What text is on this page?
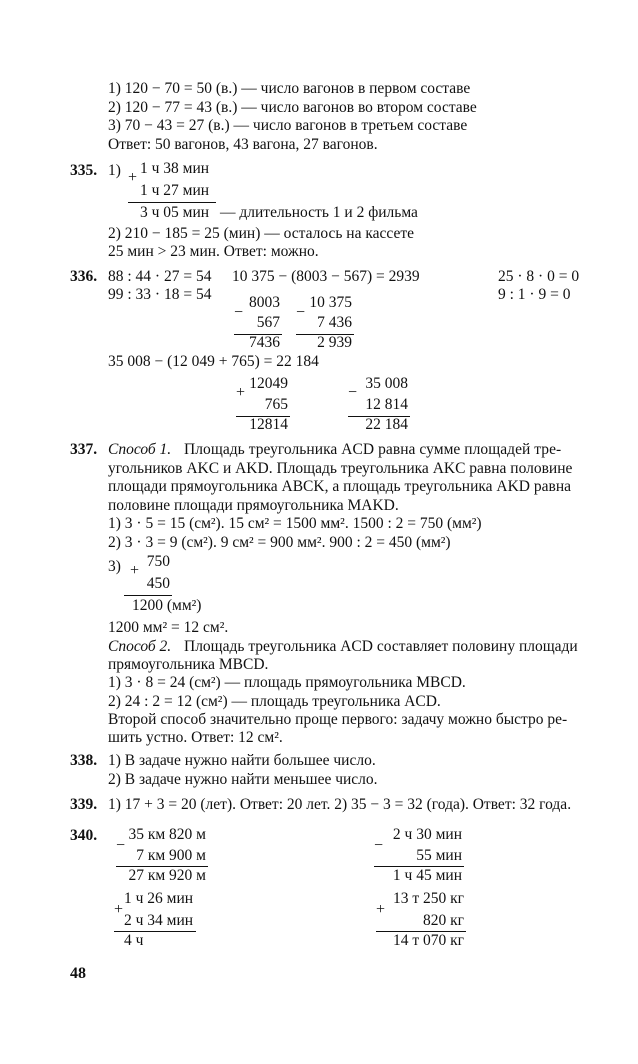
1) 120 − 70 = 50 (в.) — число вагонов в первом составе
2) 120 − 77 = 43 (в.) — число вагонов во втором составе
3) 70 − 43 = 27 (в.) — число вагонов в третьем составе
Ответ: 50 вагонов, 43 вагона, 27 вагонов.
335. 1) +
1 ч 38 мин
1 ч 27 мин
3 ч 05 мин — длительность 1 и 2 фильма
2) 210 − 185 = 25 (мин) — осталось на кассете
25 мин > 23 мин. Ответ: можно.
336. 88 : 44 · 27 = 54
99 : 33 · 18 = 54
10 375 − (8003 − 567) = 2939	25 · 8 · 0 = 0
9 : 1 · 9 = 0
−
8003
567
7436
−
10 375
7 436
2 939
35 008 − (12 049 + 765) = 22 184
+
12049
765
12814
−
35 008
12 814
22 184
337. Способ 1. Площадь треугольника ACD равна сумме площадей тре-
угольников AKC и AKD. Площадь треугольника AKC равна половине
площади прямоугольника ABCK, а площадь треугольника AKD равна
половине площади прямоугольника MAKD.
1) 3 · 5 = 15 (см²). 15 см² = 1500 мм². 1500 : 2 = 750 (мм²)
2) 3 · 3 = 9 (см²). 9 см² = 900 мм². 900 : 2 = 450 (мм²)
3) +
750
450
1200 (мм²)
1200 мм² = 12 см².
Способ 2. Площадь треугольника ACD составляет половину площади
прямоугольника MBCD.
1) 3 · 8 = 24 (см²) — площадь прямоугольника MBCD.
2) 24 : 2 = 12 (см²) — площадь треугольника ACD.
Второй способ значительно проще первого: задачу можно быстро ре-
шить устно. Ответ: 12 см².
338. 1) В задаче нужно найти большее число.
2) В задаче нужно найти меньшее число.
339. 1) 17 + 3 = 20 (лет). Ответ: 20 лет. 2) 35 − 3 = 32 (года). Ответ: 32 года.
340.
−
35 км 820 м
7 км 900 м
27 км 920 м
−
2 ч 30 мин
55 мин
1 ч 45 мин
+
1 ч 26 мин
2 ч 34 мин
4 ч
+
13 т 250 кг
820 кг
14 т 070 кг
48
